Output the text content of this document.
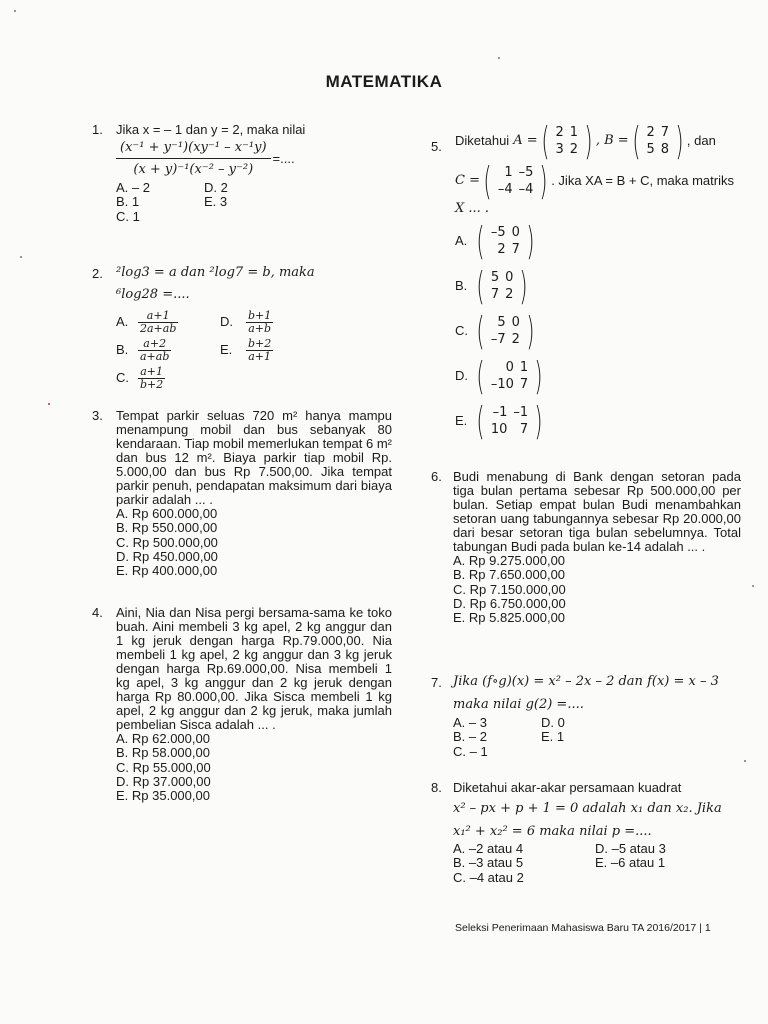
MATEMATIKA
1. Jika x = – 1 dan y = 2, maka nilai
$\frac{\text{(x⁻¹ + y⁻¹)(xy⁻¹ – x⁻¹y)}}{\text{(x + y)⁻¹(x⁻² – y⁻²)}}$ =....
A. – 2	D. 2
B. 1	E. 3
C. 1
2. ²log3 = a dan ²log7 = b, maka
⁶log28 =....
A. $\frac{a+1}{2a+ab}$	D. $\frac{b+1}{a+b}$
B. $\frac{a+2}{a+ab}$	E. $\frac{b+2}{a+1}$
C. $\frac{a+1}{b+2}$
3. Tempat parkir seluas 720 m² hanya mampu menampung mobil dan bus sebanyak 80 kendaraan. Tiap mobil memerlukan tempat 6 m² dan bus 12 m². Biaya parkir tiap mobil Rp. 5.000,00 dan bus Rp 7.500,00. Jika tempat parkir penuh, pendapatan maksimum dari biaya parkir adalah ... .
A. Rp 600.000,00
B. Rp 550.000,00
C. Rp 500.000,00
D. Rp 450.000,00
E. Rp 400.000,00
4. Aini, Nia dan Nisa pergi bersama-sama ke toko buah. Aini membeli 3 kg apel, 2 kg anggur dan 1 kg jeruk dengan harga Rp.79.000,00. Nia membeli 1 kg apel, 2 kg anggur dan 3 kg jeruk dengan harga Rp.69.000,00. Nisa membeli 1 kg apel, 3 kg anggur dan 2 kg jeruk dengan harga Rp 80.000,00. Jika Sisca membeli 1 kg apel, 2 kg anggur dan 2 kg jeruk, maka jumlah pembelian Sisca adalah ... .
A. Rp 62.000,00
B. Rp 58.000,00
C. Rp 55.000,00
D. Rp 37.000,00
E. Rp 35.000,00
5. Diketahui A = ( 2	1
3	2 ) , B = ( 2	7
5	8 ) , dan
C = ( 1	–5
–4	–4 ) . Jika XA = B + C, maka matriks
X ... .
A. ( –5	0
2	7 )
B. ( 5	0
7	2 )
C. ( 5	0
–7	2 )
D. ( 0	1
–10	7 )
E. ( –1	–1
10	7 )
6. Budi menabung di Bank dengan setoran pada tiga bulan pertama sebesar Rp 500.000,00 per bulan. Setiap empat bulan Budi menambahkan setoran uang tabungannya sebesar Rp 20.000,00 dari besar setoran tiga bulan sebelumnya. Total tabungan Budi pada bulan ke-14 adalah ... .
A. Rp 9.275.000,00
B. Rp 7.650.000,00
C. Rp 7.150.000,00
D. Rp 6.750.000,00
E. Rp 5.825.000,00
7. Jika (f∘g)(x) = x² – 2x – 2 dan f(x) = x – 3
maka nilai g(2) =....
A. – 3	D. 0
B. – 2	E. 1
C. – 1
8. Diketahui akar-akar persamaan kuadrat
x² – px + p + 1 = 0 adalah x₁ dan x₂. Jika
x₁² + x₂² = 6 maka nilai p =....
A. –2 atau 4	D. –5 atau 3
B. –3 atau 5	E. –6 atau 1
C. –4 atau 2
Seleksi Penerimaan Mahasiswa Baru TA 2016/2017 | 1
